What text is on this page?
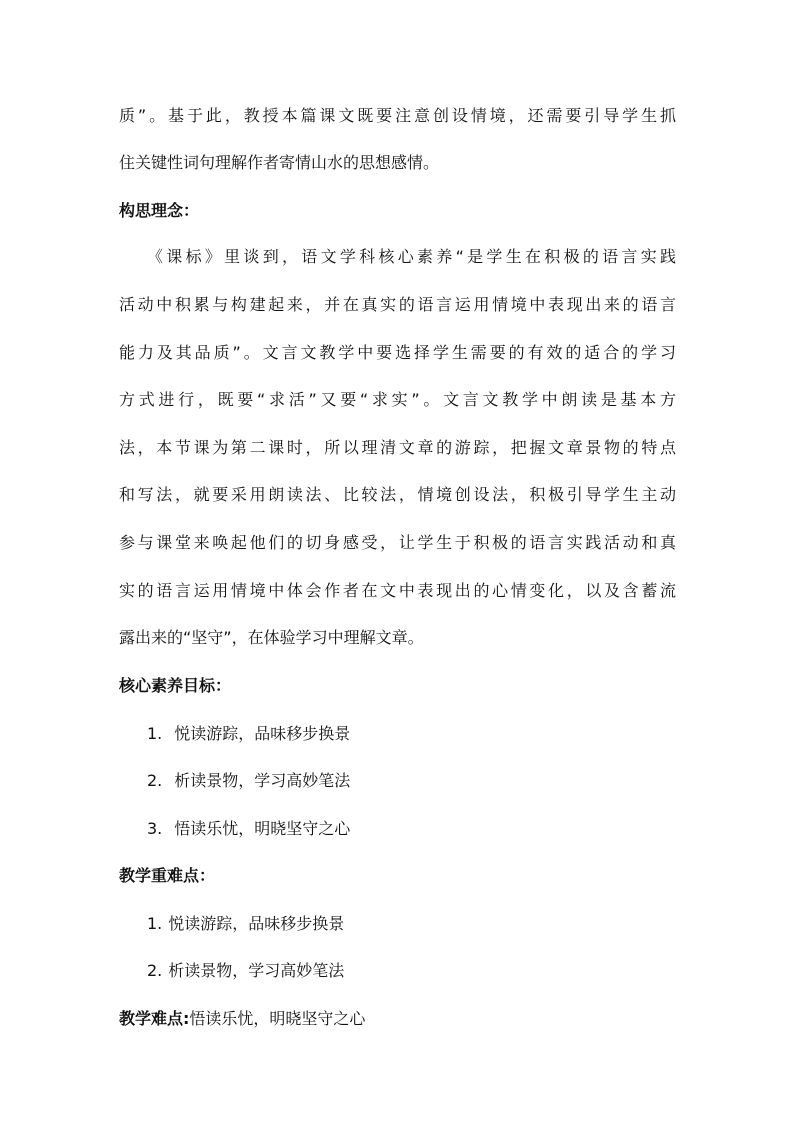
质”。基于此，教授本篇课文既要注意创设情境，还需要引导学生抓
住关键性词句理解作者寄情山水的思想感情。
构思理念：
《课标》里谈到，语文学科核心素养“是学生在积极的语言实践
活动中积累与构建起来，并在真实的语言运用情境中表现出来的语言
能力及其品质”。文言文教学中要选择学生需要的有效的适合的学习
方式进行，既要“求活”又要“求实”。文言文教学中朗读是基本方
法，本节课为第二课时，所以理清文章的游踪，把握文章景物的特点
和写法，就要采用朗读法、比较法，情境创设法，积极引导学生主动
参与课堂来唤起他们的切身感受，让学生于积极的语言实践活动和真
实的语言运用情境中体会作者在文中表现出的心情变化，以及含蓄流
露出来的“坚守”，在体验学习中理解文章。
核心素养目标：
1. 悦读游踪，品味移步换景
2. 析读景物，学习高妙笔法
3. 悟读乐忧，明晓坚守之心
教学重难点：
1. 悦读游踪，品味移步换景
2. 析读景物，学习高妙笔法
教学难点:悟读乐忧，明晓坚守之心
